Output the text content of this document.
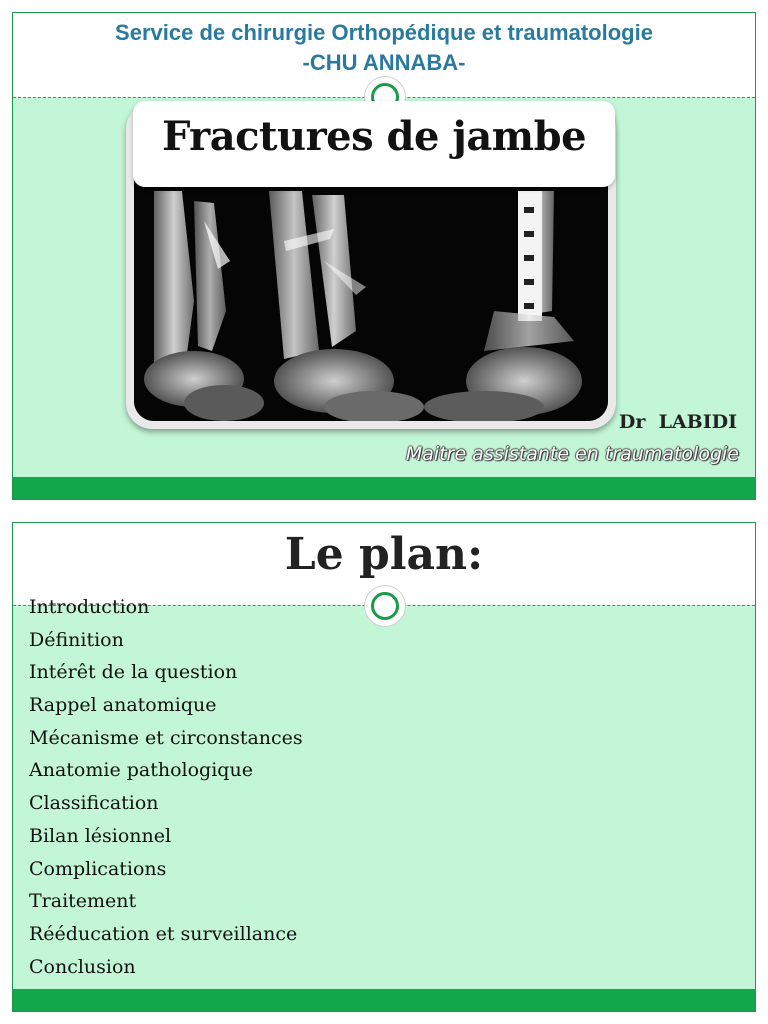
Service de chirurgie Orthopédique et traumatologie
-CHU ANNABA-
Fractures de jambe
Dr  LABIDI
Maitre assistante en traumatologie
Le plan:
Introduction
Définition
Intérêt de la question
Rappel anatomique
Mécanisme et circonstances
Anatomie pathologique
Classification
Bilan lésionnel
Complications
Traitement
Rééducation et surveillance
Conclusion
